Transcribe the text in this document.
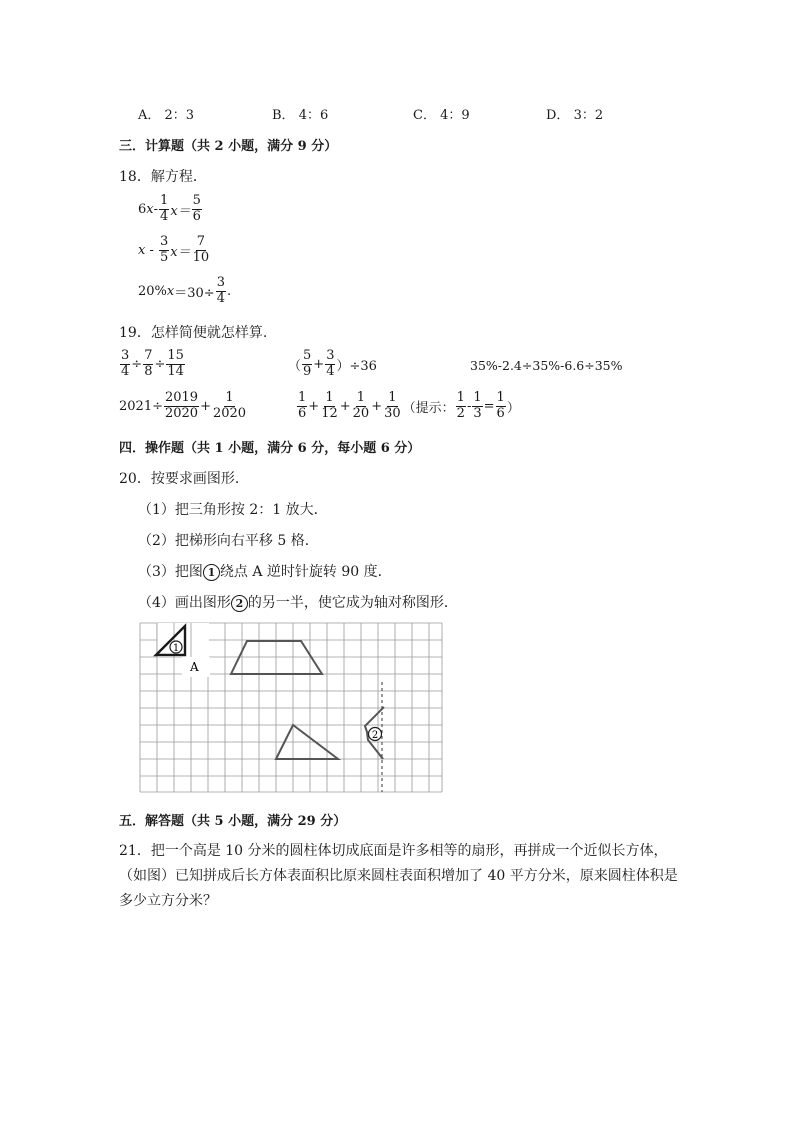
A． 2：3	B． 4：6	C． 4：9	D． 3：2
三．计算题（共 2 小题，满分 9 分）
18．解方程．
6 $x - \frac{1}{4} x= \frac{5}{6}$
$x - \frac{3}{5} x= \frac{7}{10}$
20% $x =30\div \frac{3}{4}$ .
19．怎样简便就怎样算.
$\frac{3}{4} \div \frac{7}{8} \div \frac{15}{14}$	（ $\frac{5}{9} + \frac{3}{4} )\div 36$	35%-2.4÷35%-6.6÷35%
$2021\div \frac{2019}{2020} + \frac{1}{2020}$	$\frac{1}{6} + \frac{1}{12} + \frac{1}{20} + \frac{1}{30}$ （提示： $\frac{1}{2} - \frac{1}{3} = \frac{1}{6}$ ）
四．操作题（共 1 小题，满分 6 分，每小题 6 分）
20．按要求画图形．
（1）把三角形按 2：1 放大．
（2）把梯形向右平移 5 格．
（3）把图 1 绕点 A 逆时针旋转 90 度．
（4）画出图形 2 的另一半，使它成为轴对称图形．
1
A
2
五．解答题（共 5 小题，满分 29 分）
21．把一个高是 10 分米的圆柱体切成底面是许多相等的扇形，再拼成一个近似长方体，（如图）已知拼成后长方体表面积比原来圆柱表面积增加了 40 平方分米，原来圆柱体积是多少立方分米？
